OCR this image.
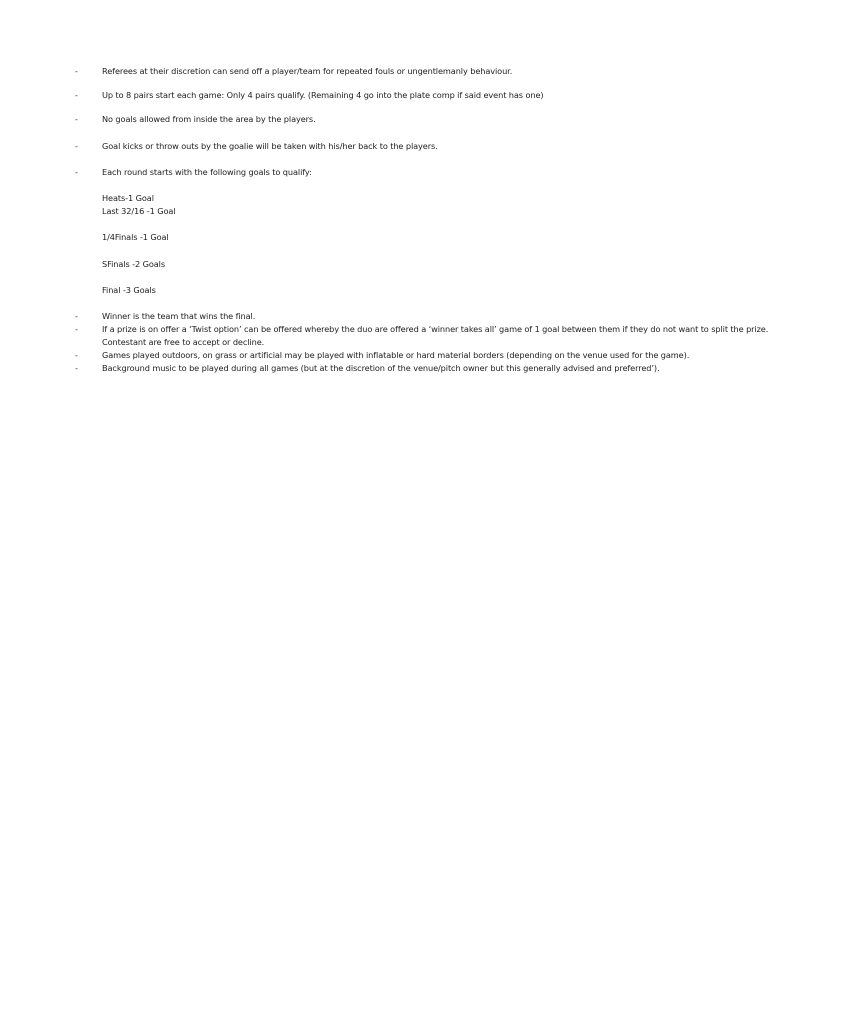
-	Referees at their discretion can send off a player/team for repeated fouls or ungentlemanly behaviour.
-	Up to 8 pairs start each game: Only 4 pairs qualify. (Remaining 4 go into the plate comp if said event has one)
-	No goals allowed from inside the area by the players.
-	Goal kicks or throw outs by the goalie will be taken with his/her back to the players.
-	Each round starts with the following goals to qualify:
Heats-1 Goal
Last 32/16 -1 Goal
1/4Finals -1 Goal
SFinals -2 Goals
Final -3 Goals
-	Winner is the team that wins the final.
-	If a prize is on offer a ‘Twist option’ can be offered whereby the duo are offered a ‘winner takes all’ game of 1 goal between them if they do not want to split the prize. Contestant are free to accept or decline.
-	Games played outdoors, on grass or artificial may be played with inflatable or hard material borders (depending on the venue used for the game).
-	Background music to be played during all games (but at the discretion of the venue/pitch owner but this generally advised and preferred’).
